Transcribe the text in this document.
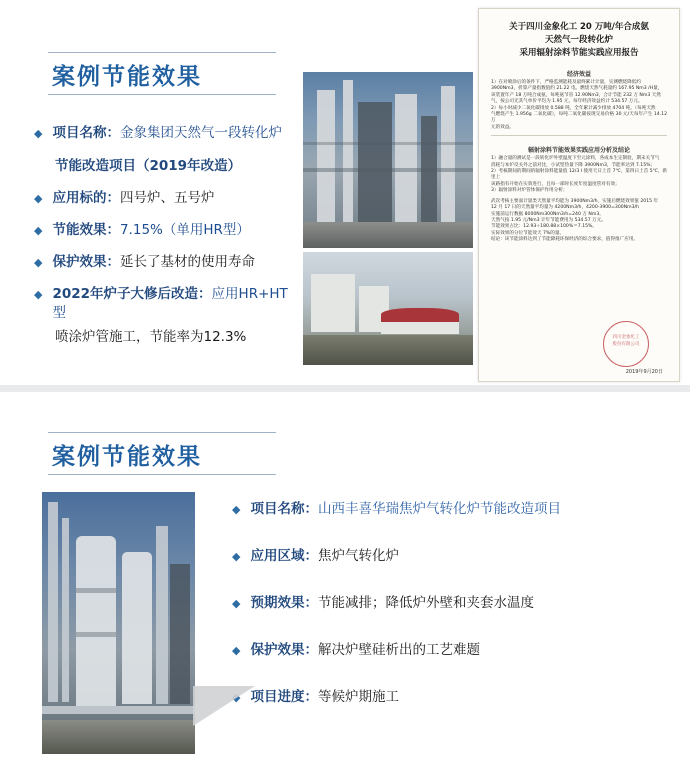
案例节能效果
◆ 项目名称：金象集团天然气一段转化炉
节能改造项目（2019年改造）
◆ 应用标的：四号炉、五号炉
◆ 节能效果：7.15%（单用HR型）
◆ 保护效果：延长了基材的使用寿命
◆ 2022年炉子大修后改造：应用HR+HT型
喷涂炉管施工，节能率为12.3%
关于四川金象化工 20 万吨/年合成氨
天然气一段转化炉
采用辐射涂料节能实践应用报告
经济效益
1）在对喷涂后的条件下，严格监测能耗及最终累计计量，实测燃烧降低约
3900Nm3，折算产量指数值约 21.22 电。燃烧天然气耗量约 167.95 Nm3 /H量，
该装置年产 18 万吨合成氨，每吨氨节省 12.90Nm3，合计节能 232 万 Nm3 天然
气，按公司无其气单价平均为 1.95 元，每年经济效益约计 534.57 万元。
2）每小时减少二氧化碳排放 0.588 吨，全年累计减少排放 4704 吨。（每吨天然
气燃烧产生 1.956g 二氧化碳），每吨二氧化碳按现交易价格 30 元/天每年产生 14.12 万
元的效益。
辐射涂料节能效果实践应用分析及结论
1）融合量的测试是一段转化炉外壁温度下至元涂料，各成本生定制验，期末关节气
消耗与本炉反关外之前对比，小试型热量下降 3900Nm3，节能率达到 7.15%；
2）考核期间的期间的辐射涂料能量值 12/3 I 使用天日上首 7℃，第四日上首 5℃，新里上
该路指有开始在实效进行，且每一部时长度年度温度管对有效；
3）辐射涂料对炉管体保护作用分析；
武次考核主要面计量类天然量平均能为 3900Nm3/h，实施后燃烧效果值 2015 年
12 月 17 日的天然量平均量为 4200Nm3/h，4200-3900=300Nm3/h
实施前运行数据 8000Nm300Nm3/h=240 万 Nm3。
天然气按 1.95 元/Nm3 计年节能费用为 534.57 万元。
节能效果占比：12.93÷180.88×100%＝7.15%。
实际效果的分位节能效天 7%的量。
结论：该节能涂料达到了节能降耗环保经济的综合要求，值得推广应用。
四川金象化工
股份有限公司
2019年9月20日
案例节能效果
◆ 项目名称：山西丰喜华瑞焦炉气转化炉节能改造项目
◆ 应用区域：焦炉气转化炉
◆ 预期效果：节能减排；降低炉外壁和夹套水温度
◆ 保护效果：解决炉壁硅析出的工艺难题
◆ 项目进度：等候炉期施工
